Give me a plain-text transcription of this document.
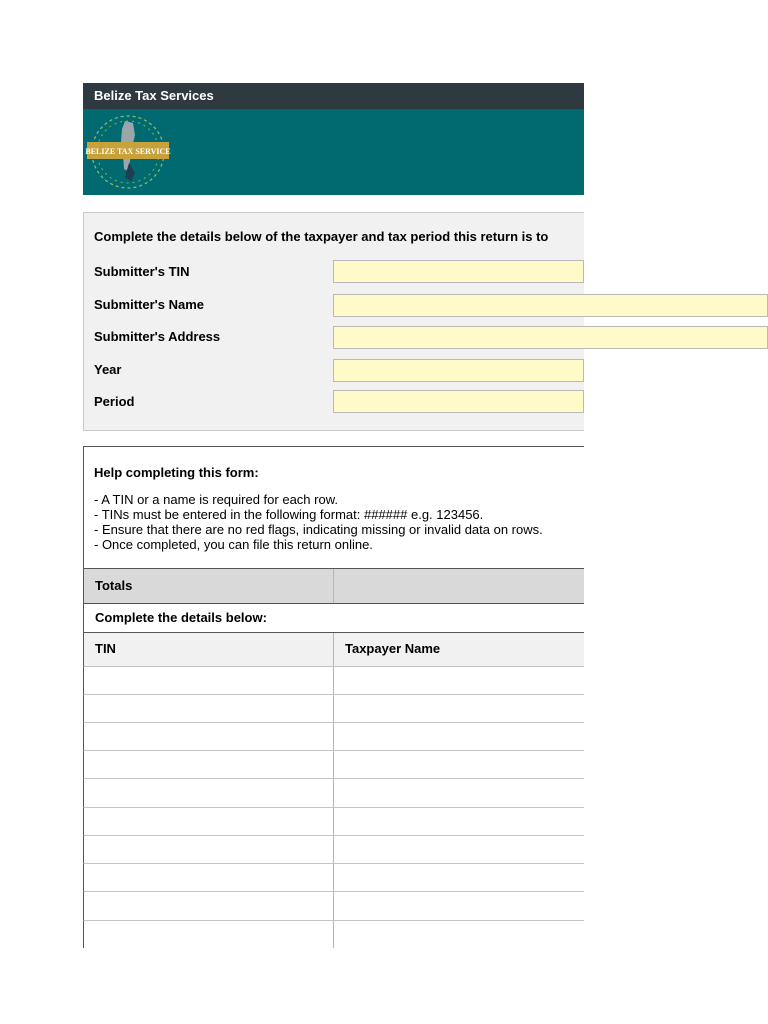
Belize Tax Services
BELIZE TAX SERVICE
Complete the details below of the taxpayer and tax period this return is to
Submitter's TIN
Submitter's Name
Submitter's Address
Year
Period
Help completing this form:
- A TIN or a name is required for each row.
- TINs must be entered in the following format: ###### e.g. 123456.
- Ensure that there are no red flags, indicating missing or invalid data on rows.
- Once completed, you can file this return online.
Totals
Complete the details below:
TIN	Taxpayer Name
